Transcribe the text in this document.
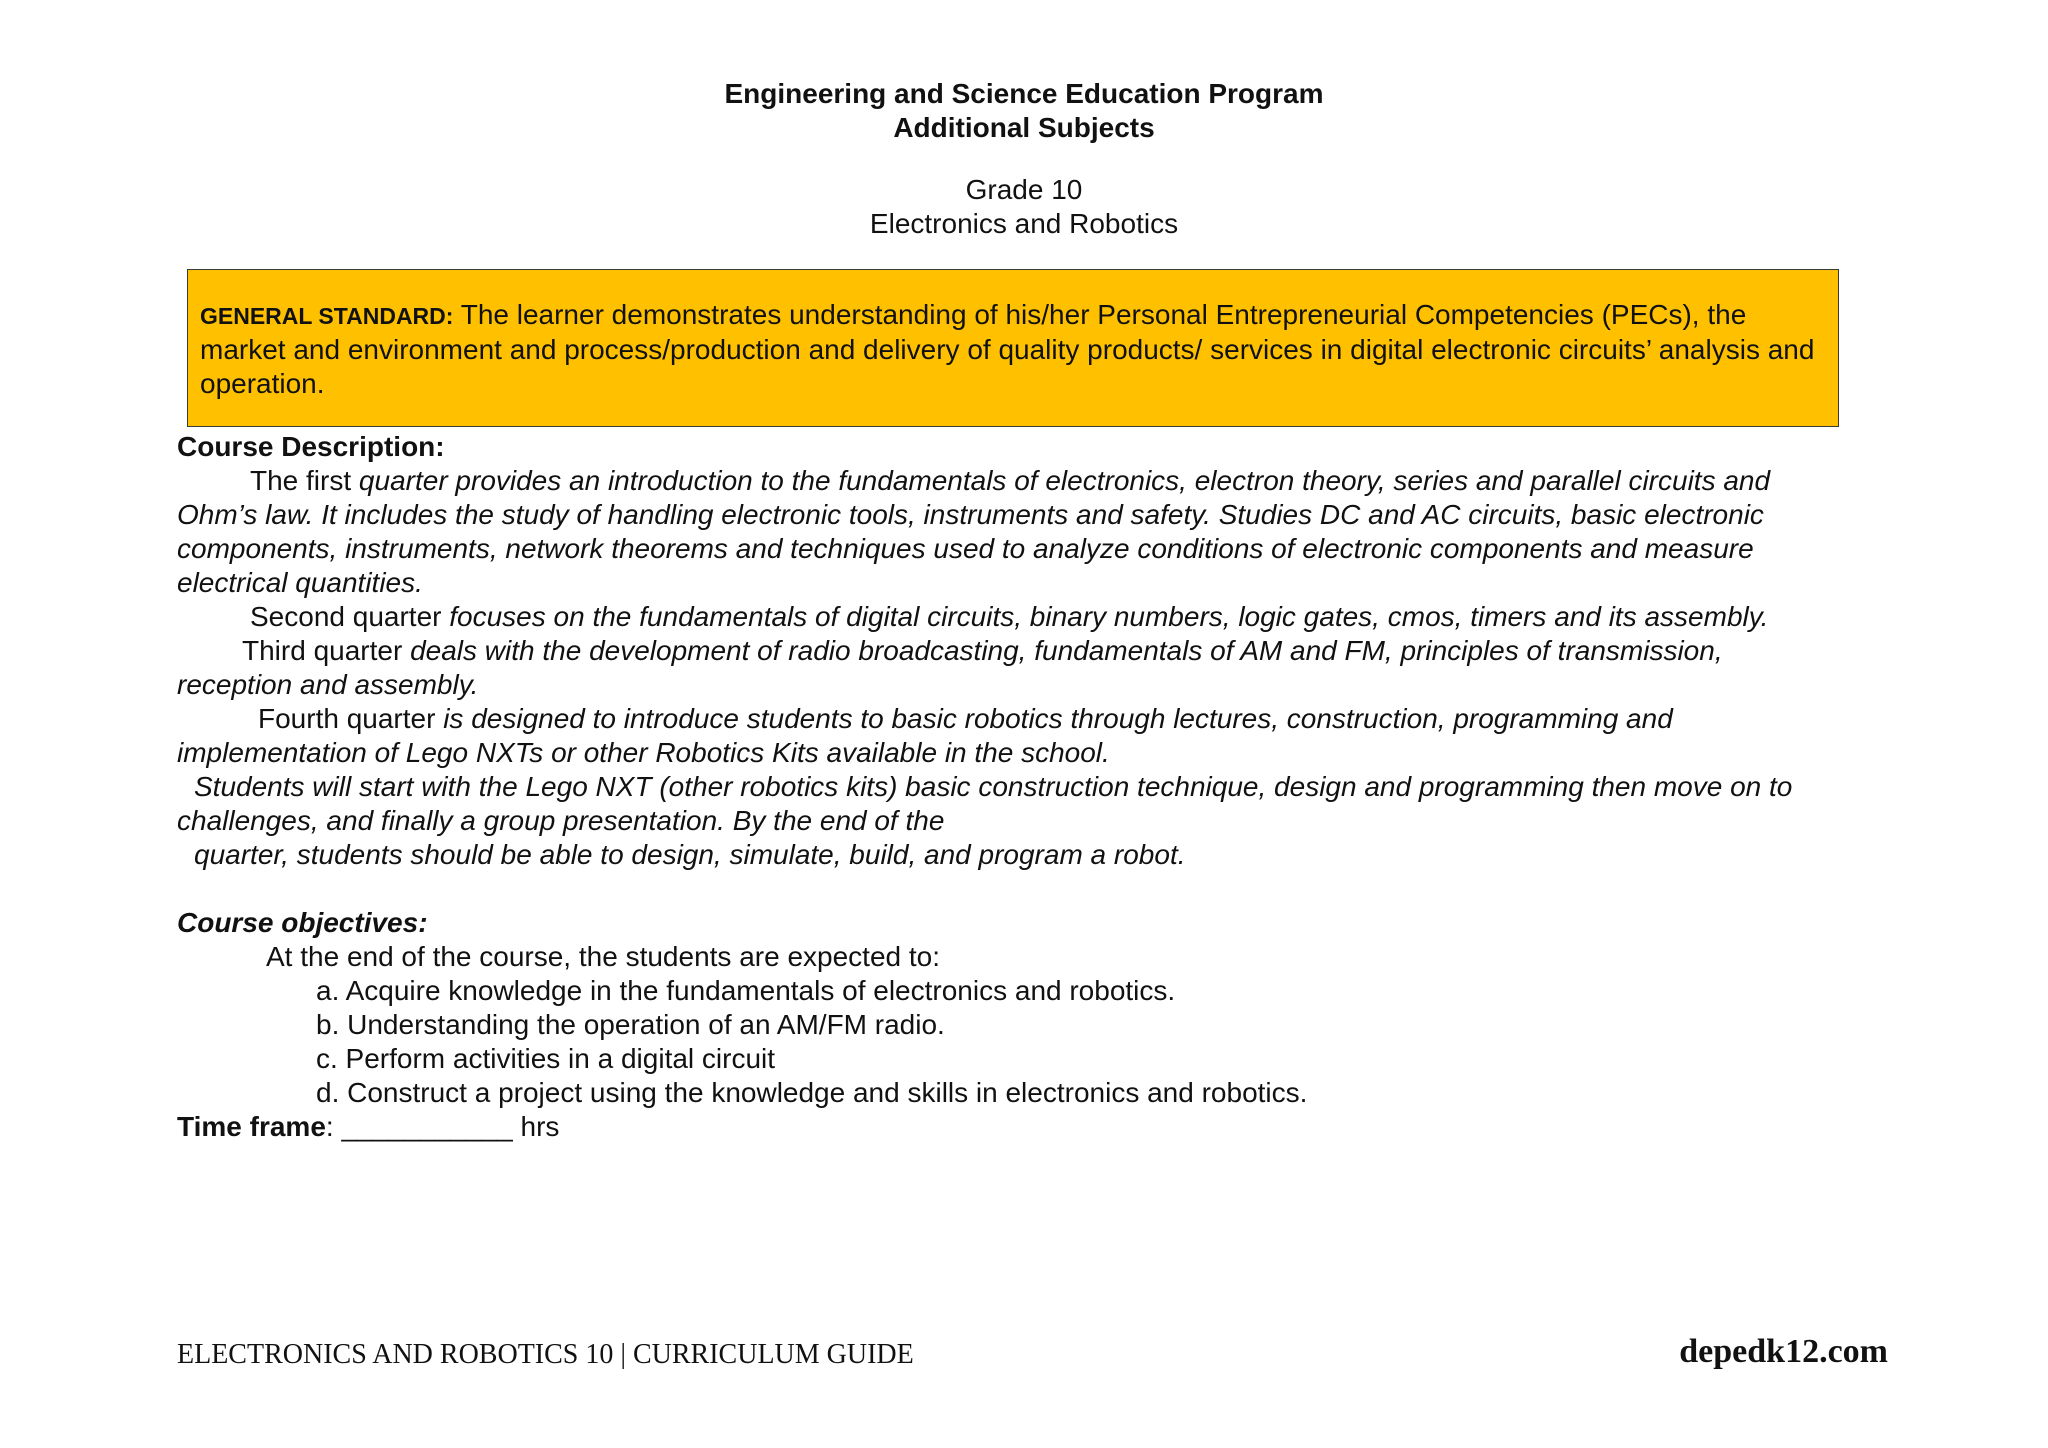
Engineering and Science Education Program
Additional Subjects
Grade 10
Electronics and Robotics
GENERAL STANDARD: The learner demonstrates understanding of his/her Personal Entrepreneurial Competencies (PECs), the market and environment and process/production and delivery of quality products/ services in digital electronic circuits’ analysis and operation.
Course Description:
The first quarter provides an introduction to the fundamentals of electronics, electron theory, series and parallel circuits and
Ohm’s law. It includes the study of handling electronic tools, instruments and safety. Studies DC and AC circuits, basic electronic
components, instruments, network theorems and techniques used to analyze conditions of electronic components and measure
electrical quantities.
Second quarter focuses on the fundamentals of digital circuits, binary numbers, logic gates, cmos, timers and its assembly.
Third quarter deals with the development of radio broadcasting, fundamentals of AM and FM, principles of transmission,
reception and assembly.
Fourth quarter is designed to introduce students to basic robotics through lectures, construction, programming and
implementation of Lego NXTs or other Robotics Kits available in the school.
Students will start with the Lego NXT (other robotics kits) basic construction technique, design and programming then move on to
challenges, and finally a group presentation. By the end of the
quarter, students should be able to design, simulate, build, and program a robot.
Course objectives:
At the end of the course, the students are expected to:
a. Acquire knowledge in the fundamentals of electronics and robotics.
b. Understanding the operation of an AM/FM radio.
c. Perform activities in a digital circuit
d. Construct a project using the knowledge and skills in electronics and robotics.
Time frame: ___________ hrs
ELECTRONICS AND ROBOTICS 10 | CURRICULUM GUIDE	depedk12.com
